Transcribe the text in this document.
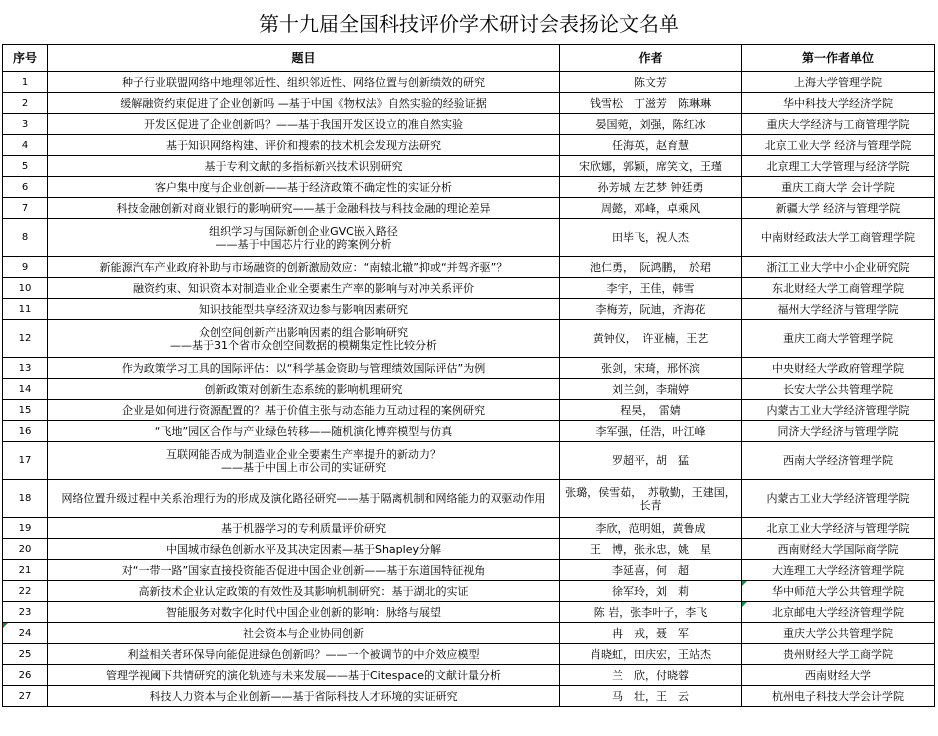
第十九届全国科技评价学术研讨会表扬论文名单
序号	题目	作者	第一作者单位
1	种子行业联盟网络中地理邻近性、组织邻近性、网络位置与创新绩效的研究	陈文芳	上海大学管理学院
2	缓解融资约束促进了企业创新吗 —基于中国《物权法》自然实验的经验证据	钱雪松　丁滋芳　陈琳琳	华中科技大学经济学院
3	开发区促进了企业创新吗？——基于我国开发区设立的准自然实验	晏国菀，刘强，陈红冰	重庆大学经济与工商管理学院
4	基于知识网络构建、评价和搜索的技术机会发现方法研究	任海英，赵育慧	北京工业大学 经济与管理学院
5	基于专利文献的多指标新兴技术识别研究	宋欣娜，郭颖，席笑文，王瑾	北京理工大学管理与经济学院
6	客户集中度与企业创新——基于经济政策不确定性的实证分析	孙芳城 左艺梦 钟廷勇	重庆工商大学 会计学院
7	科技金融创新对商业银行的影响研究——基于金融科技与科技金融的理论差异	周懿，邓峰，卓乘风	新疆大学 经济与管理学院
8	组织学习与国际新创企业GVC嵌入路径
——基于中国芯片行业的跨案例分析	田毕飞，祝人杰	中南财经政法大学工商管理学院
9	新能源汽车产业政府补助与市场融资的创新激励效应：“南辕北辙”抑或“并驾齐驱”？	池仁勇，　阮鸿鹏，　於珺	浙江工业大学中小企业研究院
10	融资约束、知识资本对制造业企业全要素生产率的影响与对冲关系评价	李宇，王佳，韩雪	东北财经大学工商管理学院
11	知识技能型共享经济双边参与影响因素研究	李梅芳，阮迪，齐海花	福州大学经济与管理学院
12	众创空间创新产出影响因素的组合影响研究
——基于31个省市众创空间数据的模糊集定性比较分析	黄钟仪，　许亚楠，王艺	重庆工商大学管理学院
13	作为政策学习工具的国际评估：以“科学基金资助与管理绩效国际评估”为例	张剑，宋琦，邢怀滨	中央财经大学政府管理学院
14	创新政策对创新生态系统的影响机理研究	刘兰剑，李瑞婷	长安大学公共管理学院
15	企业是如何进行资源配置的？基于价值主张与动态能力互动过程的案例研究	程昊，　雷婧	内蒙古工业大学经济管理学院
16	“飞地”园区合作与产业绿色转移——随机演化博弈模型与仿真	李军强，任浩，叶江峰	同济大学经济与管理学院
17	互联网能否成为制造业企业全要素生产率提升的新动力？
——基于中国上市公司的实证研究	罗超平，胡　猛	西南大学经济管理学院
18	网络位置升级过程中关系治理行为的形成及演化路径研究——基于隔离机制和网络能力的双驱动作用	张璐，侯雪茹，　苏敬勤，王建国，长青	内蒙古工业大学经济管理学院
19	基于机器学习的专利质量评价研究	李欣，范明姐，黄鲁成	北京工业大学经济与管理学院
20	中国城市绿色创新水平及其决定因素—基于Shapley分解	王　博，张永忠，姚　星	西南财经大学国际商学院
21	对“一带一路”国家直接投资能否促进中国企业创新——基于东道国特征视角	李延喜，何　超	大连理工大学经济管理学院
22	高新技术企业认定政策的有效性及其影响机制研究：基于湖北的实证	徐军玲，刘　莉	华中师范大学公共管理学院
23	智能服务对数字化时代中国企业创新的影响：脉络与展望	陈 岩，张李叶子，李飞	北京邮电大学经济管理学院
24	社会资本与企业协同创新	冉　戎，聂　军	重庆大学公共管理学院
25	利益相关者环保导向能促进绿色创新吗？——一个被调节的中介效应模型	肖晓虹，田庆宏，王站杰	贵州财经大学工商学院
26	管理学视阈下共情研究的演化轨迹与未来发展——基于Citespace的文献计量分析	兰　欣，付晓蓉	西南财经大学
27	科技人力资本与企业创新——基于省际科技人才环境的实证研究	马　壮，王　云	杭州电子科技大学会计学院
